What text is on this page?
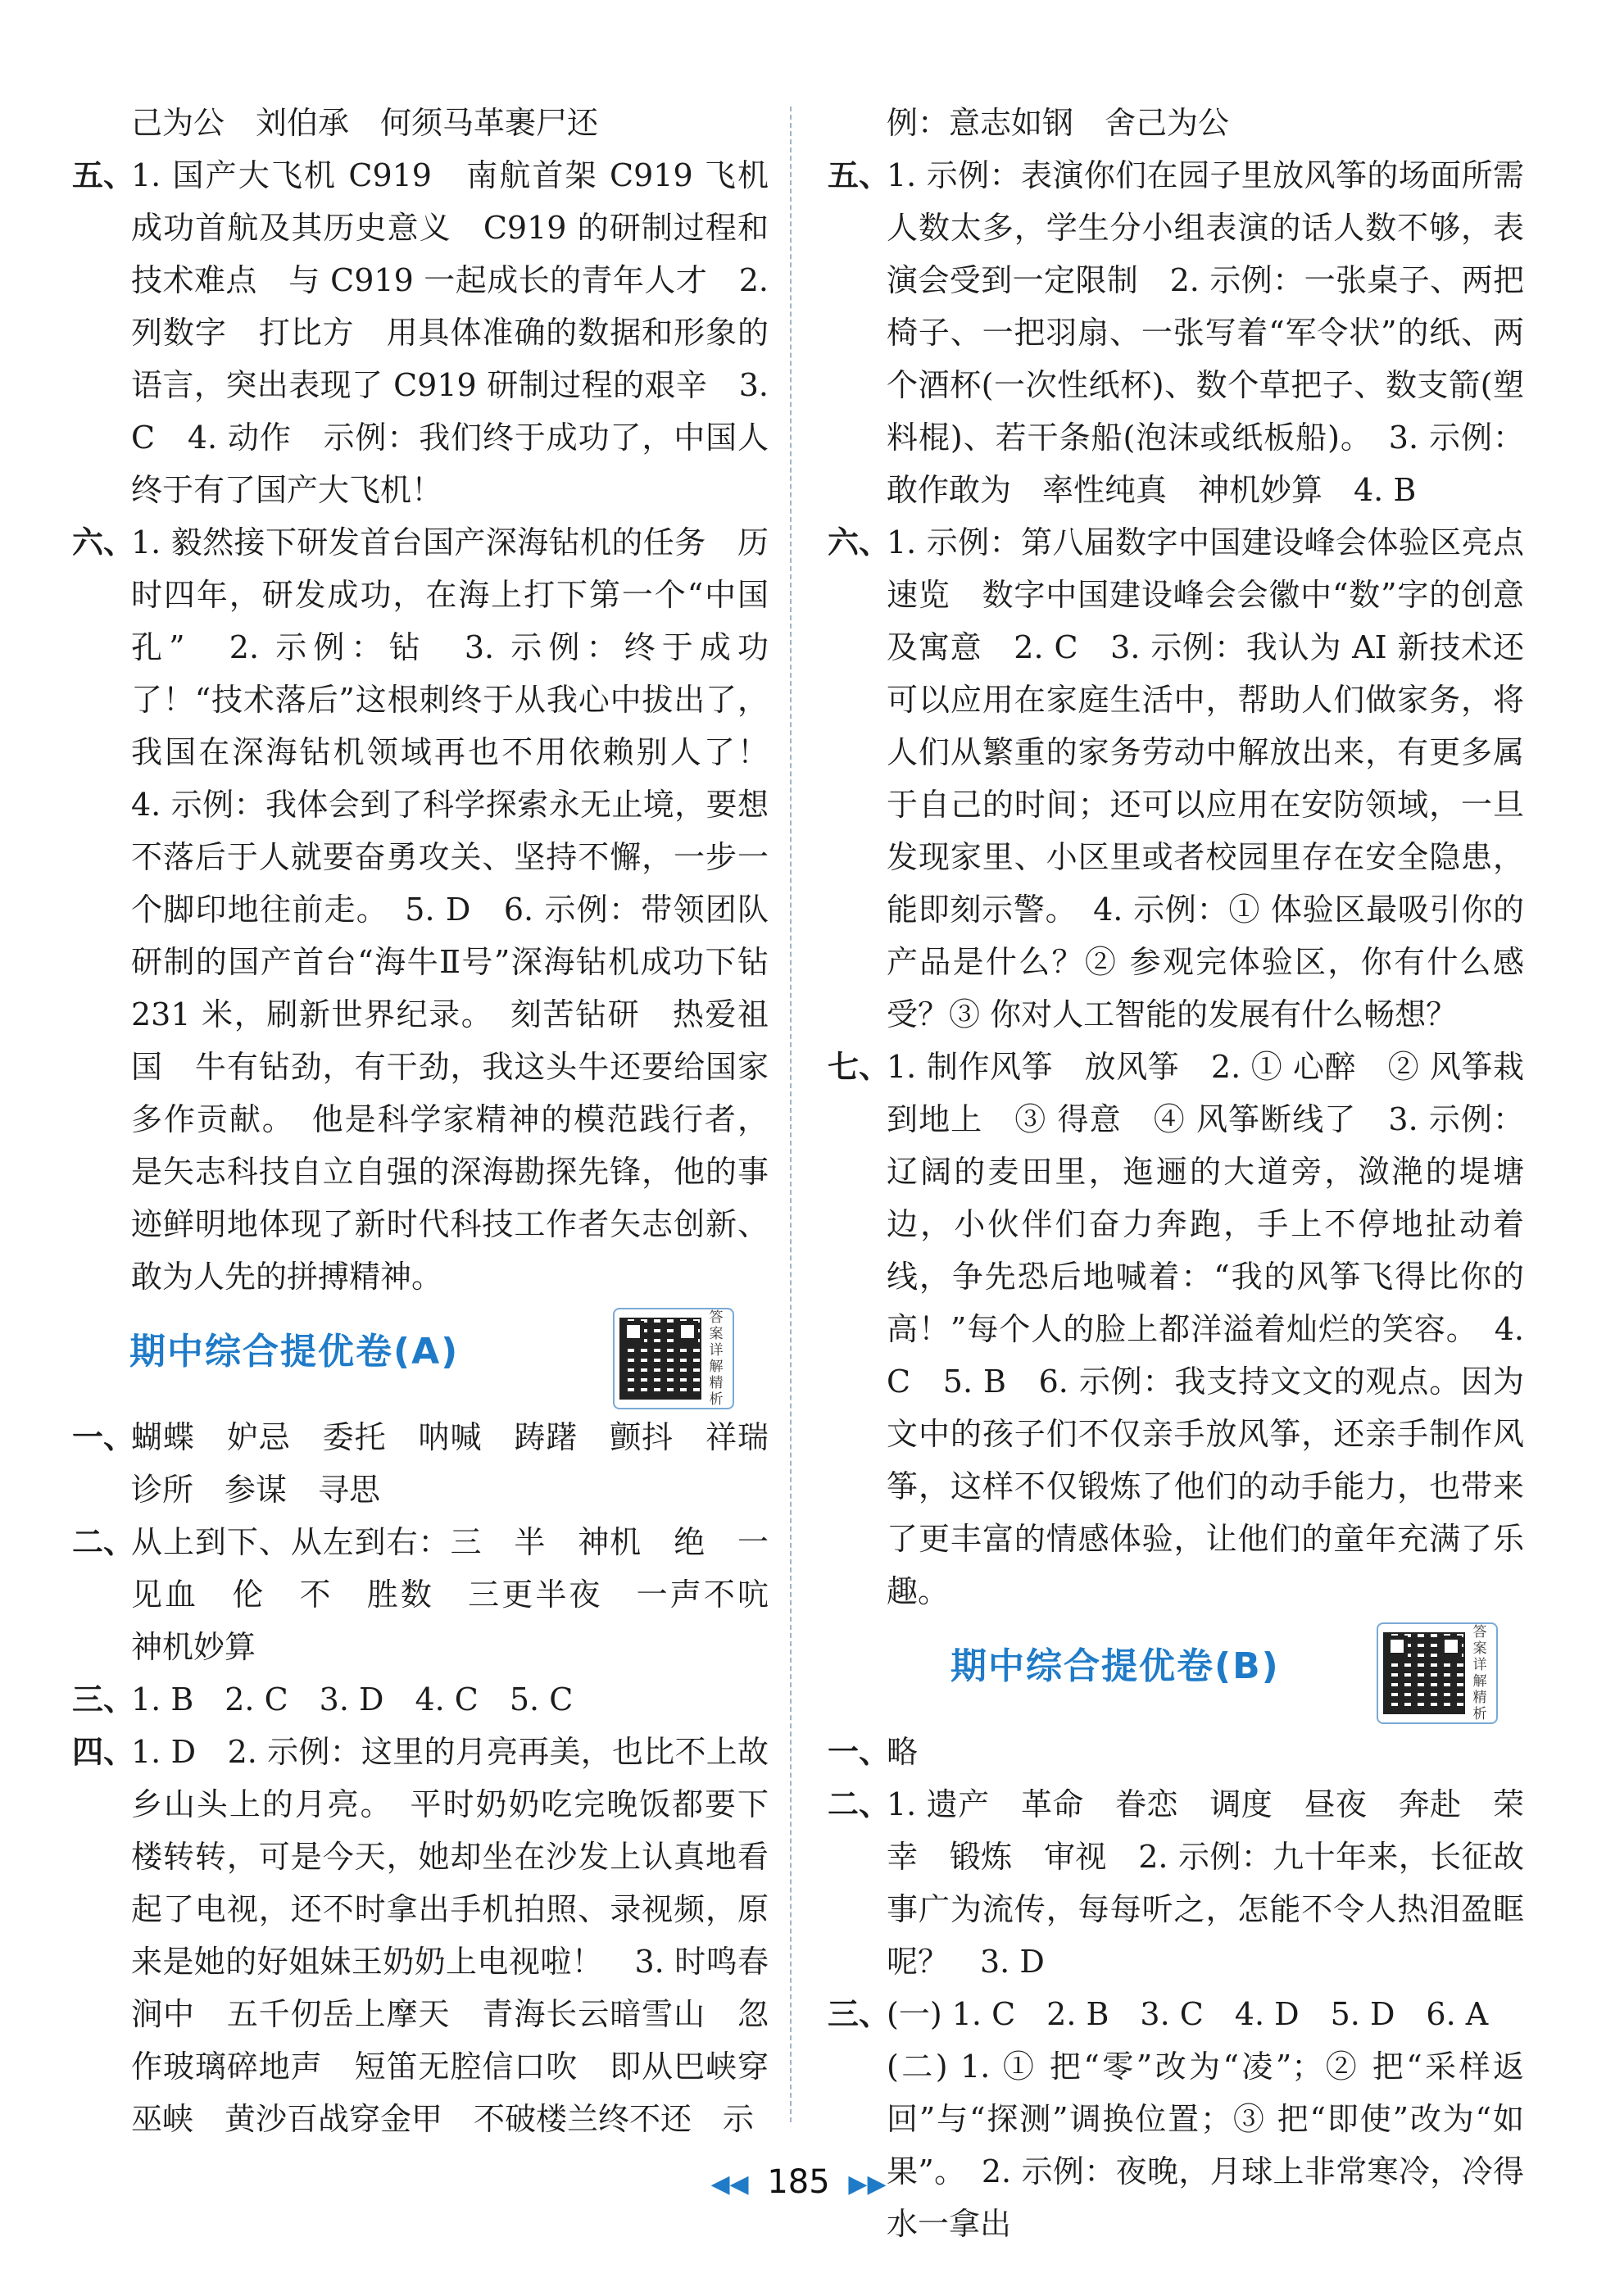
己为公　刘伯承　何须马革裹尸还
五、
1. 国产大飞机 C919　南航首架 C919 飞机成功首航及其历史意义　C919 的研制过程和技术难点　与 C919 一起成长的青年人才　2. 列数字　打比方　用具体准确的数据和形象的语言，突出表现了 C919 研制过程的艰辛　3. C　4. 动作　示例：我们终于成功了，中国人终于有了国产大飞机！
六、
1. 毅然接下研发首台国产深海钻机的任务　历时四年，研发成功，在海上打下第一个“中国孔”　2. 示例：钻　3. 示例：终于成功了！“技术落后”这根刺终于从我心中拔出了，我国在深海钻机领域再也不用依赖别人了！　4. 示例：我体会到了科学探索永无止境，要想不落后于人就要奋勇攻关、坚持不懈，一步一个脚印地往前走。　5. D　6. 示例：带领团队研制的国产首台“海牛Ⅱ号”深海钻机成功下钻 231 米，刷新世界纪录。　刻苦钻研　热爱祖国　牛有钻劲，有干劲，我这头牛还要给国家多作贡献。　他是科学家精神的模范践行者，是矢志科技自立自强的深海勘探先锋，他的事迹鲜明地体现了新时代科技工作者矢志创新、敢为人先的拼搏精神。
期中综合提优卷(A)
答案详解精析
一、
蝴蝶　妒忌　委托　呐喊　踌躇　颤抖　祥瑞　诊所　参谋　寻思
二、
从上到下、从左到右：三　半　神机　绝　一见血　伦　不　胜数　三更半夜　一声不吭　神机妙算
三、
1. B　2. C　3. D　4. C　5. C
四、
1. D　2. 示例：这里的月亮再美，也比不上故乡山头上的月亮。　平时奶奶吃完晚饭都要下楼转转，可是今天，她却坐在沙发上认真地看起了电视，还不时拿出手机拍照、录视频，原来是她的好姐妹王奶奶上电视啦！　3. 时鸣春涧中　五千仞岳上摩天　青海长云暗雪山　忽作玻璃碎地声　短笛无腔信口吹　即从巴峡穿巫峡　黄沙百战穿金甲　不破楼兰终不还　示
例：意志如钢　舍己为公
五、
1. 示例：表演你们在园子里放风筝的场面所需人数太多，学生分小组表演的话人数不够，表演会受到一定限制　2. 示例：一张桌子、两把椅子、一把羽扇、一张写着“军令状”的纸、两个酒杯(一次性纸杯)、数个草把子、数支箭(塑料棍)、若干条船(泡沫或纸板船)。　3. 示例：敢作敢为　率性纯真　神机妙算　4. B
六、
1. 示例：第八届数字中国建设峰会体验区亮点速览　数字中国建设峰会会徽中“数”字的创意及寓意　2. C　3. 示例：我认为 AI 新技术还可以应用在家庭生活中，帮助人们做家务，将人们从繁重的家务劳动中解放出来，有更多属于自己的时间；还可以应用在安防领域，一旦发现家里、小区里或者校园里存在安全隐患，能即刻示警。　4. 示例：① 体验区最吸引你的产品是什么？② 参观完体验区，你有什么感受？③ 你对人工智能的发展有什么畅想？
七、
1. 制作风筝　放风筝　2. ① 心醉　② 风筝栽到地上　③ 得意　④ 风筝断线了　3. 示例：辽阔的麦田里，迤逦的大道旁，潋滟的堤塘边，小伙伴们奋力奔跑，手上不停地扯动着线，争先恐后地喊着：“我的风筝飞得比你的高！”每个人的脸上都洋溢着灿烂的笑容。　4. C　5. B　6. 示例：我支持文文的观点。因为文中的孩子们不仅亲手放风筝，还亲手制作风筝，这样不仅锻炼了他们的动手能力，也带来了更丰富的情感体验，让他们的童年充满了乐趣。
期中综合提优卷(B)
答案详解精析
一、
略
二、
1. 遗产　革命　眷恋　调度　昼夜　奔赴　荣幸　锻炼　审视　2. 示例：九十年来，长征故事广为流传，每每听之，怎能不令人热泪盈眶呢？　3. D
三、
(一) 1. C　2. B　3. C　4. D　5. D　6. A
(二) 1. ① 把“零”改为“凌”；② 把“采样返回”与“探测”调换位置；③ 把“即使”改为“如果”。　2. 示例：夜晚，月球上非常寒冷，冷得水一拿出
◀◀ 185 ▶▶
